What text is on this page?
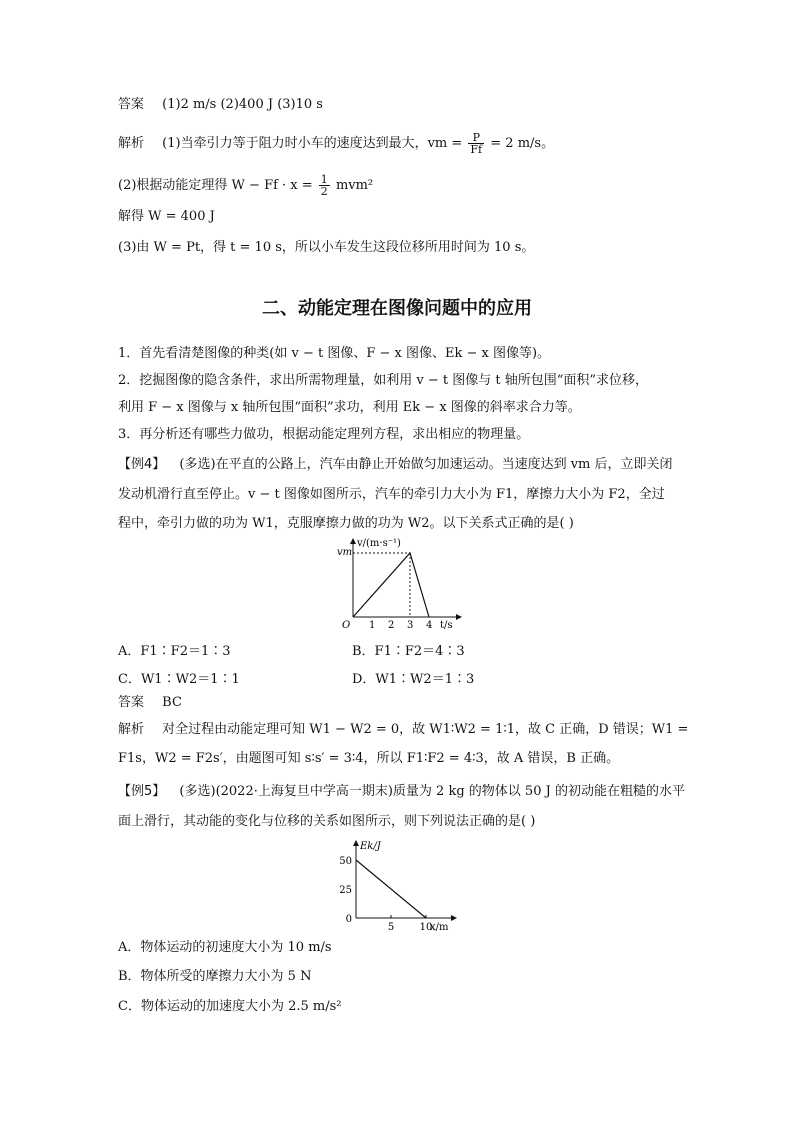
答案 (1)2 m/s (2)400 J (3)10 s
解析 (1)当牵引力等于阻力时小车的速度达到最大，vm = $\frac{P}{Ff} = 2$ m/s。
(2)根据动能定理得 $W - Ff \cdot x = \frac{1}{2} mvm^2$
解得 W = 400 J
(3)由 W = Pt，得 t = 10 s，所以小车发生这段位移所用时间为 10 s。
二、动能定理在图像问题中的应用
1．首先看清楚图像的种类(如 v − t 图像、F − x 图像、Ek − x 图像等)。
2．挖掘图像的隐含条件，求出所需物理量，如利用 v − t 图像与 t 轴所包围“面积”求位移，
利用 F − x 图像与 x 轴所包围“面积”求功，利用 Ek − x 图像的斜率求合力等。
3．再分析还有哪些力做功，根据动能定理列方程，求出相应的物理量。
【例4】 (多选)在平直的公路上，汽车由静止开始做匀加速运动。当速度达到 vm 后，立即关闭
发动机滑行直至停止。v − t 图像如图所示，汽车的牵引力大小为 F1，摩擦力大小为 F2，全过
程中，牵引力做的功为 W1，克服摩擦力做的功为 W2。以下关系式正确的是( )
1 2 3 4
v/(m·s⁻¹)
vm
O	t/s
A．F1∶F2＝1∶3	B．F1∶F2＝4∶3
C．W1∶W2＝1∶1	D．W1∶W2＝1∶3
答案 BC
解析 对全过程由动能定理可知 W1 − W2 = 0，故 W1∶W2 = 1∶1，故 C 正确，D 错误；W1 =
F1s，W2 = F2s′，由题图可知 s∶s′ = 3∶4，所以 F1∶F2 = 4∶3，故 A 错误，B 正确。
【例5】 (多选)(2022·上海复旦中学高一期末)质量为 2 kg 的物体以 50 J 的初动能在粗糙的水平
面上滑行，其动能的变化与位移的关系如图所示，则下列说法正确的是( )
0
25
50
5	10
Ek/J
x/m
A．物体运动的初速度大小为 10 m/s
B．物体所受的摩擦力大小为 5 N
C．物体运动的加速度大小为 2.5 m/s²
